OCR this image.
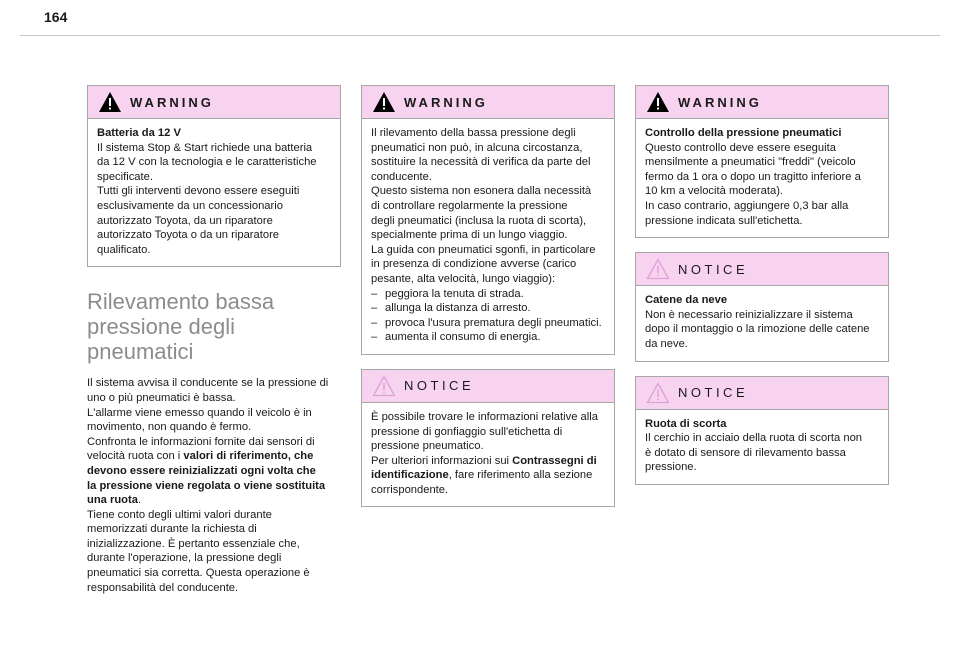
164
WARNING

Batteria da 12 V

Il sistema Stop & Start richiede una batteria

da 12 V con la tecnologia e le caratteristiche

specificate.

Tutti gli interventi devono essere eseguiti

esclusivamente da un concessionario

autorizzato Toyota, da un riparatore

autorizzato Toyota o da un riparatore

qualificato.

Rilevamento bassa
pressione degli
pneumatici
Il sistema avvisa il conducente se la pressione di
uno o più pneumatici è bassa.
L'allarme viene emesso quando il veicolo è in
movimento, non quando è fermo.
Confronta le informazioni fornite dai sensori di
velocità ruota con i valori di riferimento, che
devono essere reinizializzati ogni volta che
la pressione viene regolata o viene sostituita
una ruota.
Tiene conto degli ultimi valori durante
memorizzati durante la richiesta di
inizializzazione. È pertanto essenziale che,
durante l'operazione, la pressione degli
pneumatici sia corretta. Questa operazione è
responsabilità del conducente.
WARNING

Il rilevamento della bassa pressione degli

pneumatici non può, in alcuna circostanza,

sostituire la necessità di verifica da parte del

conducente.

Questo sistema non esonera dalla necessità

di controllare regolarmente la pressione

degli pneumatici (inclusa la ruota di scorta),

specialmente prima di un lungo viaggio.

La guida con pneumatici sgonfi, in particolare

in presenza di condizione avverse (carico

pesante, alta velocità, lungo viaggio):

– peggiora la tenuta di strada.
– allunga la distanza di arresto.
– provoca l'usura prematura degli pneumatici.
– aumenta il consumo di energia.
NOTICE

È possibile trovare le informazioni relative alla

pressione di gonfiaggio sull'etichetta di

pressione pneumatico.

Per ulteriori informazioni sui Contrassegni di

identificazione, fare riferimento alla sezione

corrispondente.

WARNING

Controllo della pressione pneumatici

Questo controllo deve essere eseguita

mensilmente a pneumatici "freddi" (veicolo

fermo da 1 ora o dopo un tragitto inferiore a

10 km a velocità moderata).

In caso contrario, aggiungere 0,3 bar alla

pressione indicata sull'etichetta.

NOTICE

Catene da neve

Non è necessario reinizializzare il sistema

dopo il montaggio o la rimozione delle catene

da neve.

NOTICE

Ruota di scorta

Il cerchio in acciaio della ruota di scorta non

è dotato di sensore di rilevamento bassa

pressione.
